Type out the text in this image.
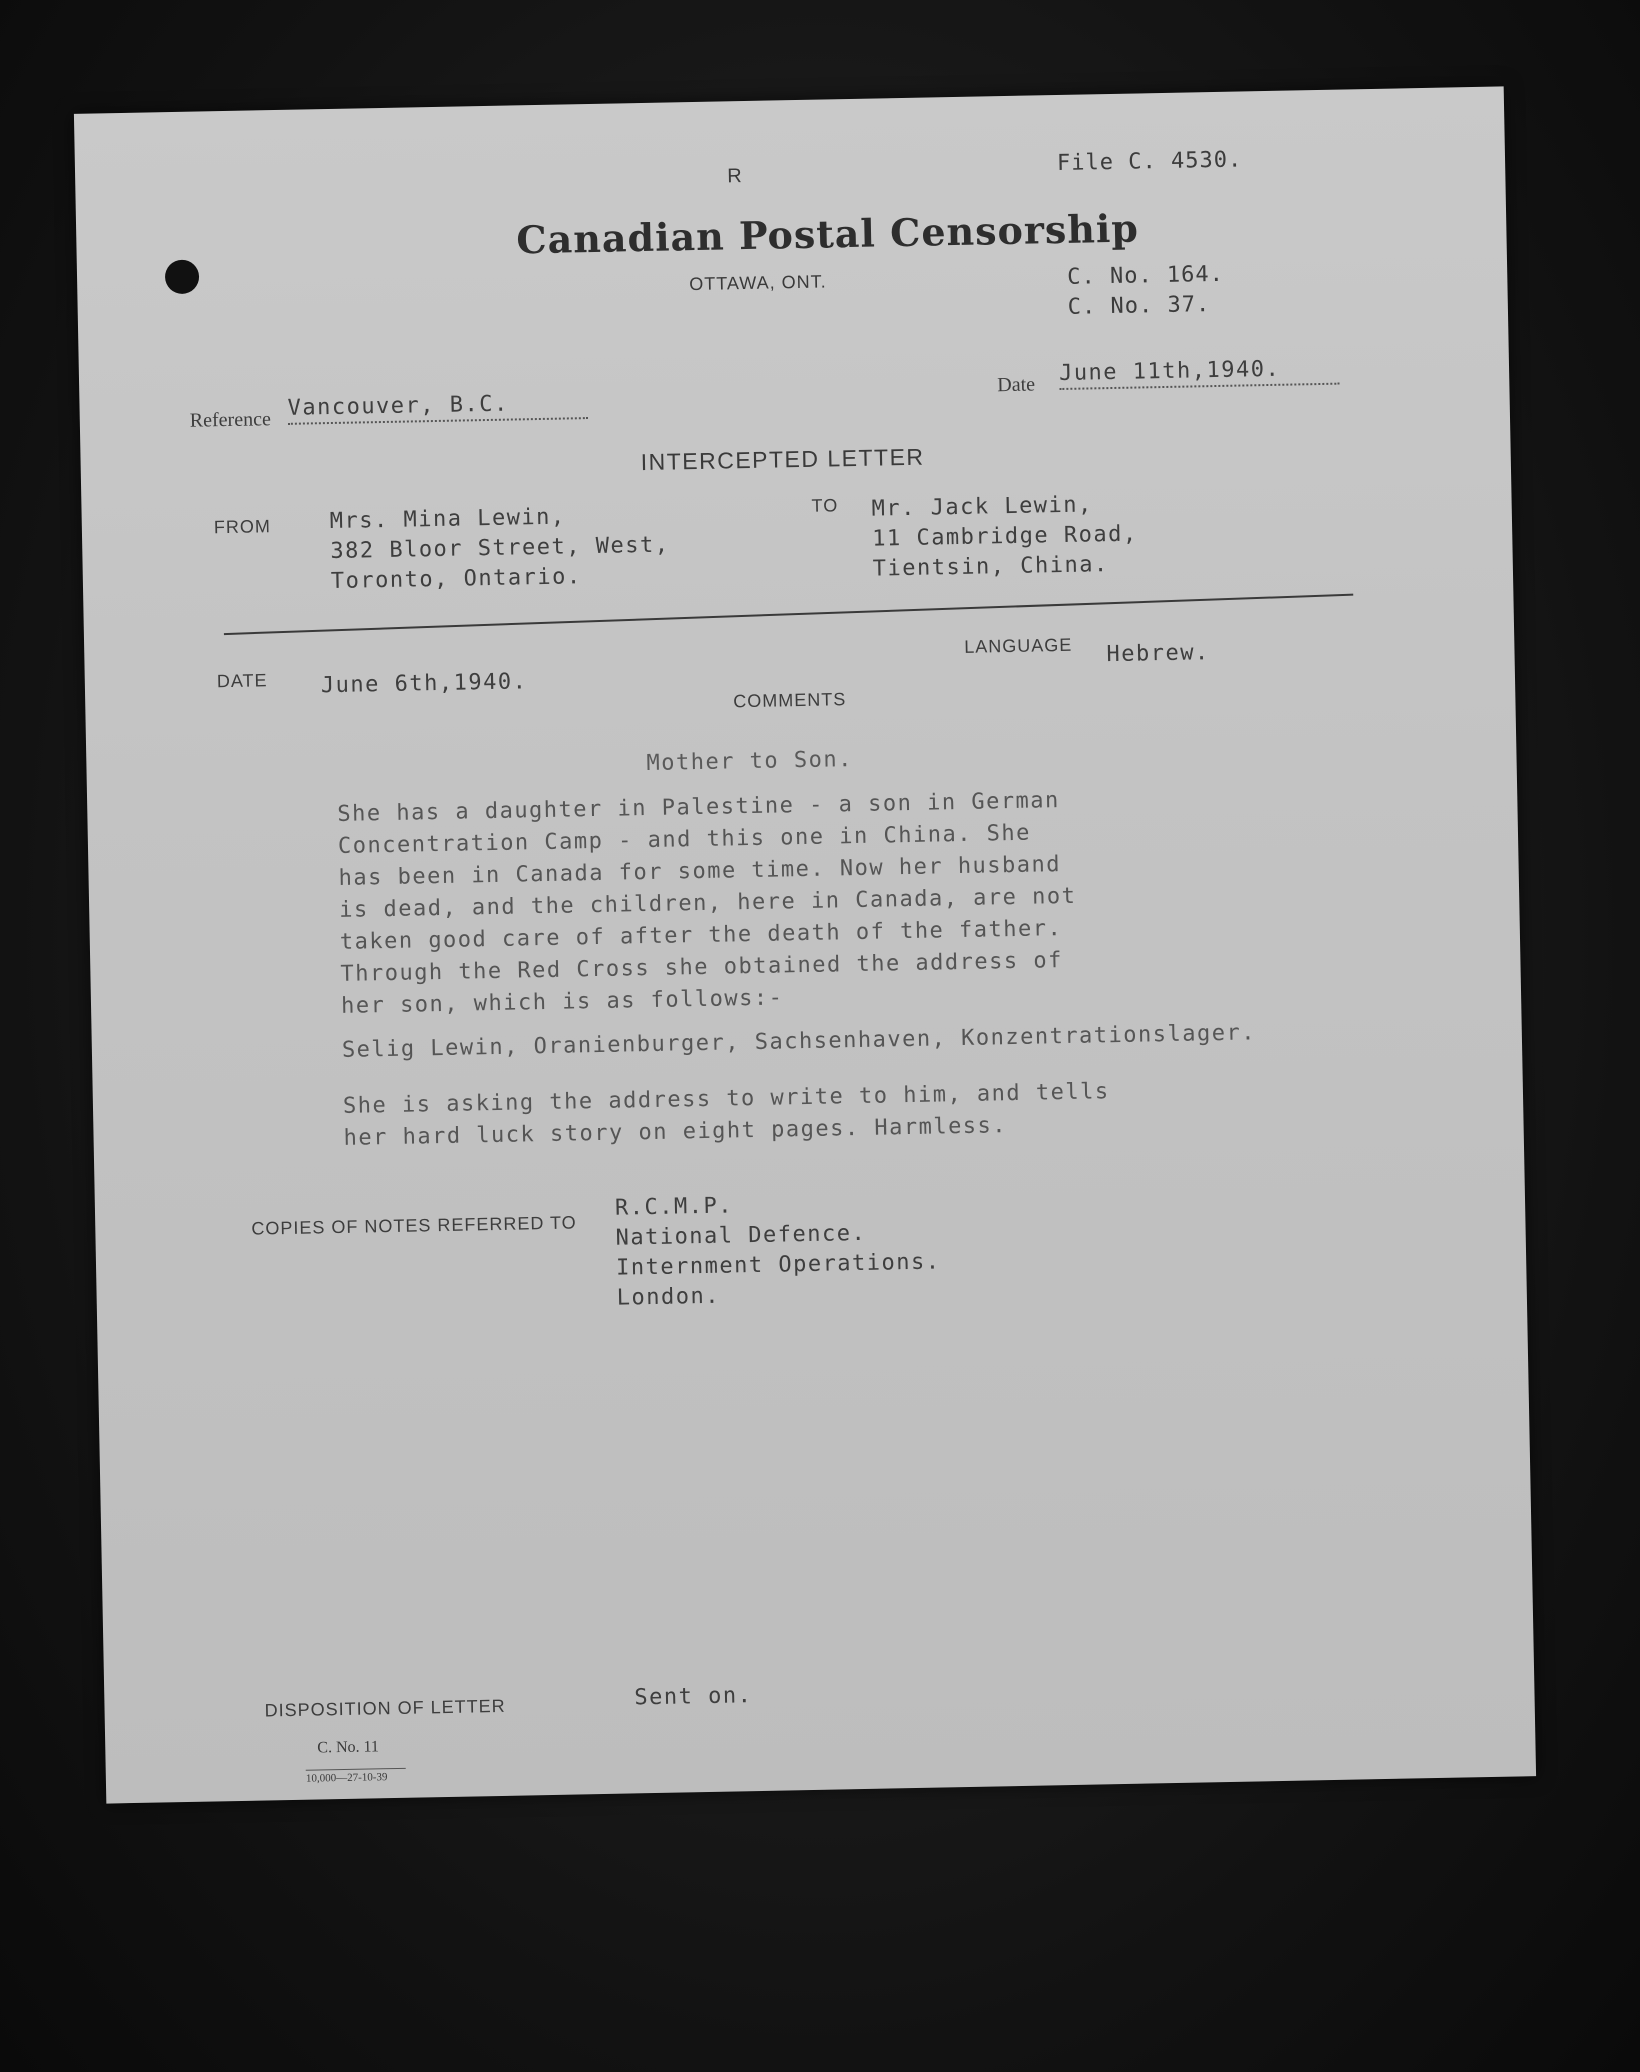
R
File C. 4530.
Canadian Postal Censorship
OTTAWA, ONT.	C. No. 164.
C. No. 37.
Reference Vancouver, B.C.
Date June 11th,1940.
INTERCEPTED LETTER
FROM	Mrs. Mina Lewin,
382 Bloor Street, West,
Toronto, Ontario.
TO Mr. Jack Lewin,
11 Cambridge Road,
Tientsin, China.
DATE June 6th,1940.
LANGUAGE Hebrew.
COMMENTS
Mother to Son.
She has a daughter in Palestine - a son in German
Concentration Camp - and this one in China. She
has been in Canada for some time. Now her husband
is dead, and the children, here in Canada, are not
taken good care of after the death of the father.
Through the Red Cross she obtained the address of
her son, which is as follows:-
Selig Lewin, Oranienburger, Sachsenhaven, Konzentrationslager.
She is asking the address to write to him, and tells
her hard luck story on eight pages. Harmless.
COPIES OF NOTES REFERRED TO
R.C.M.P.
National Defence.
Internment Operations.
London.
DISPOSITION OF LETTER	Sent on.
C. No. 11
10,000—27-10-39
